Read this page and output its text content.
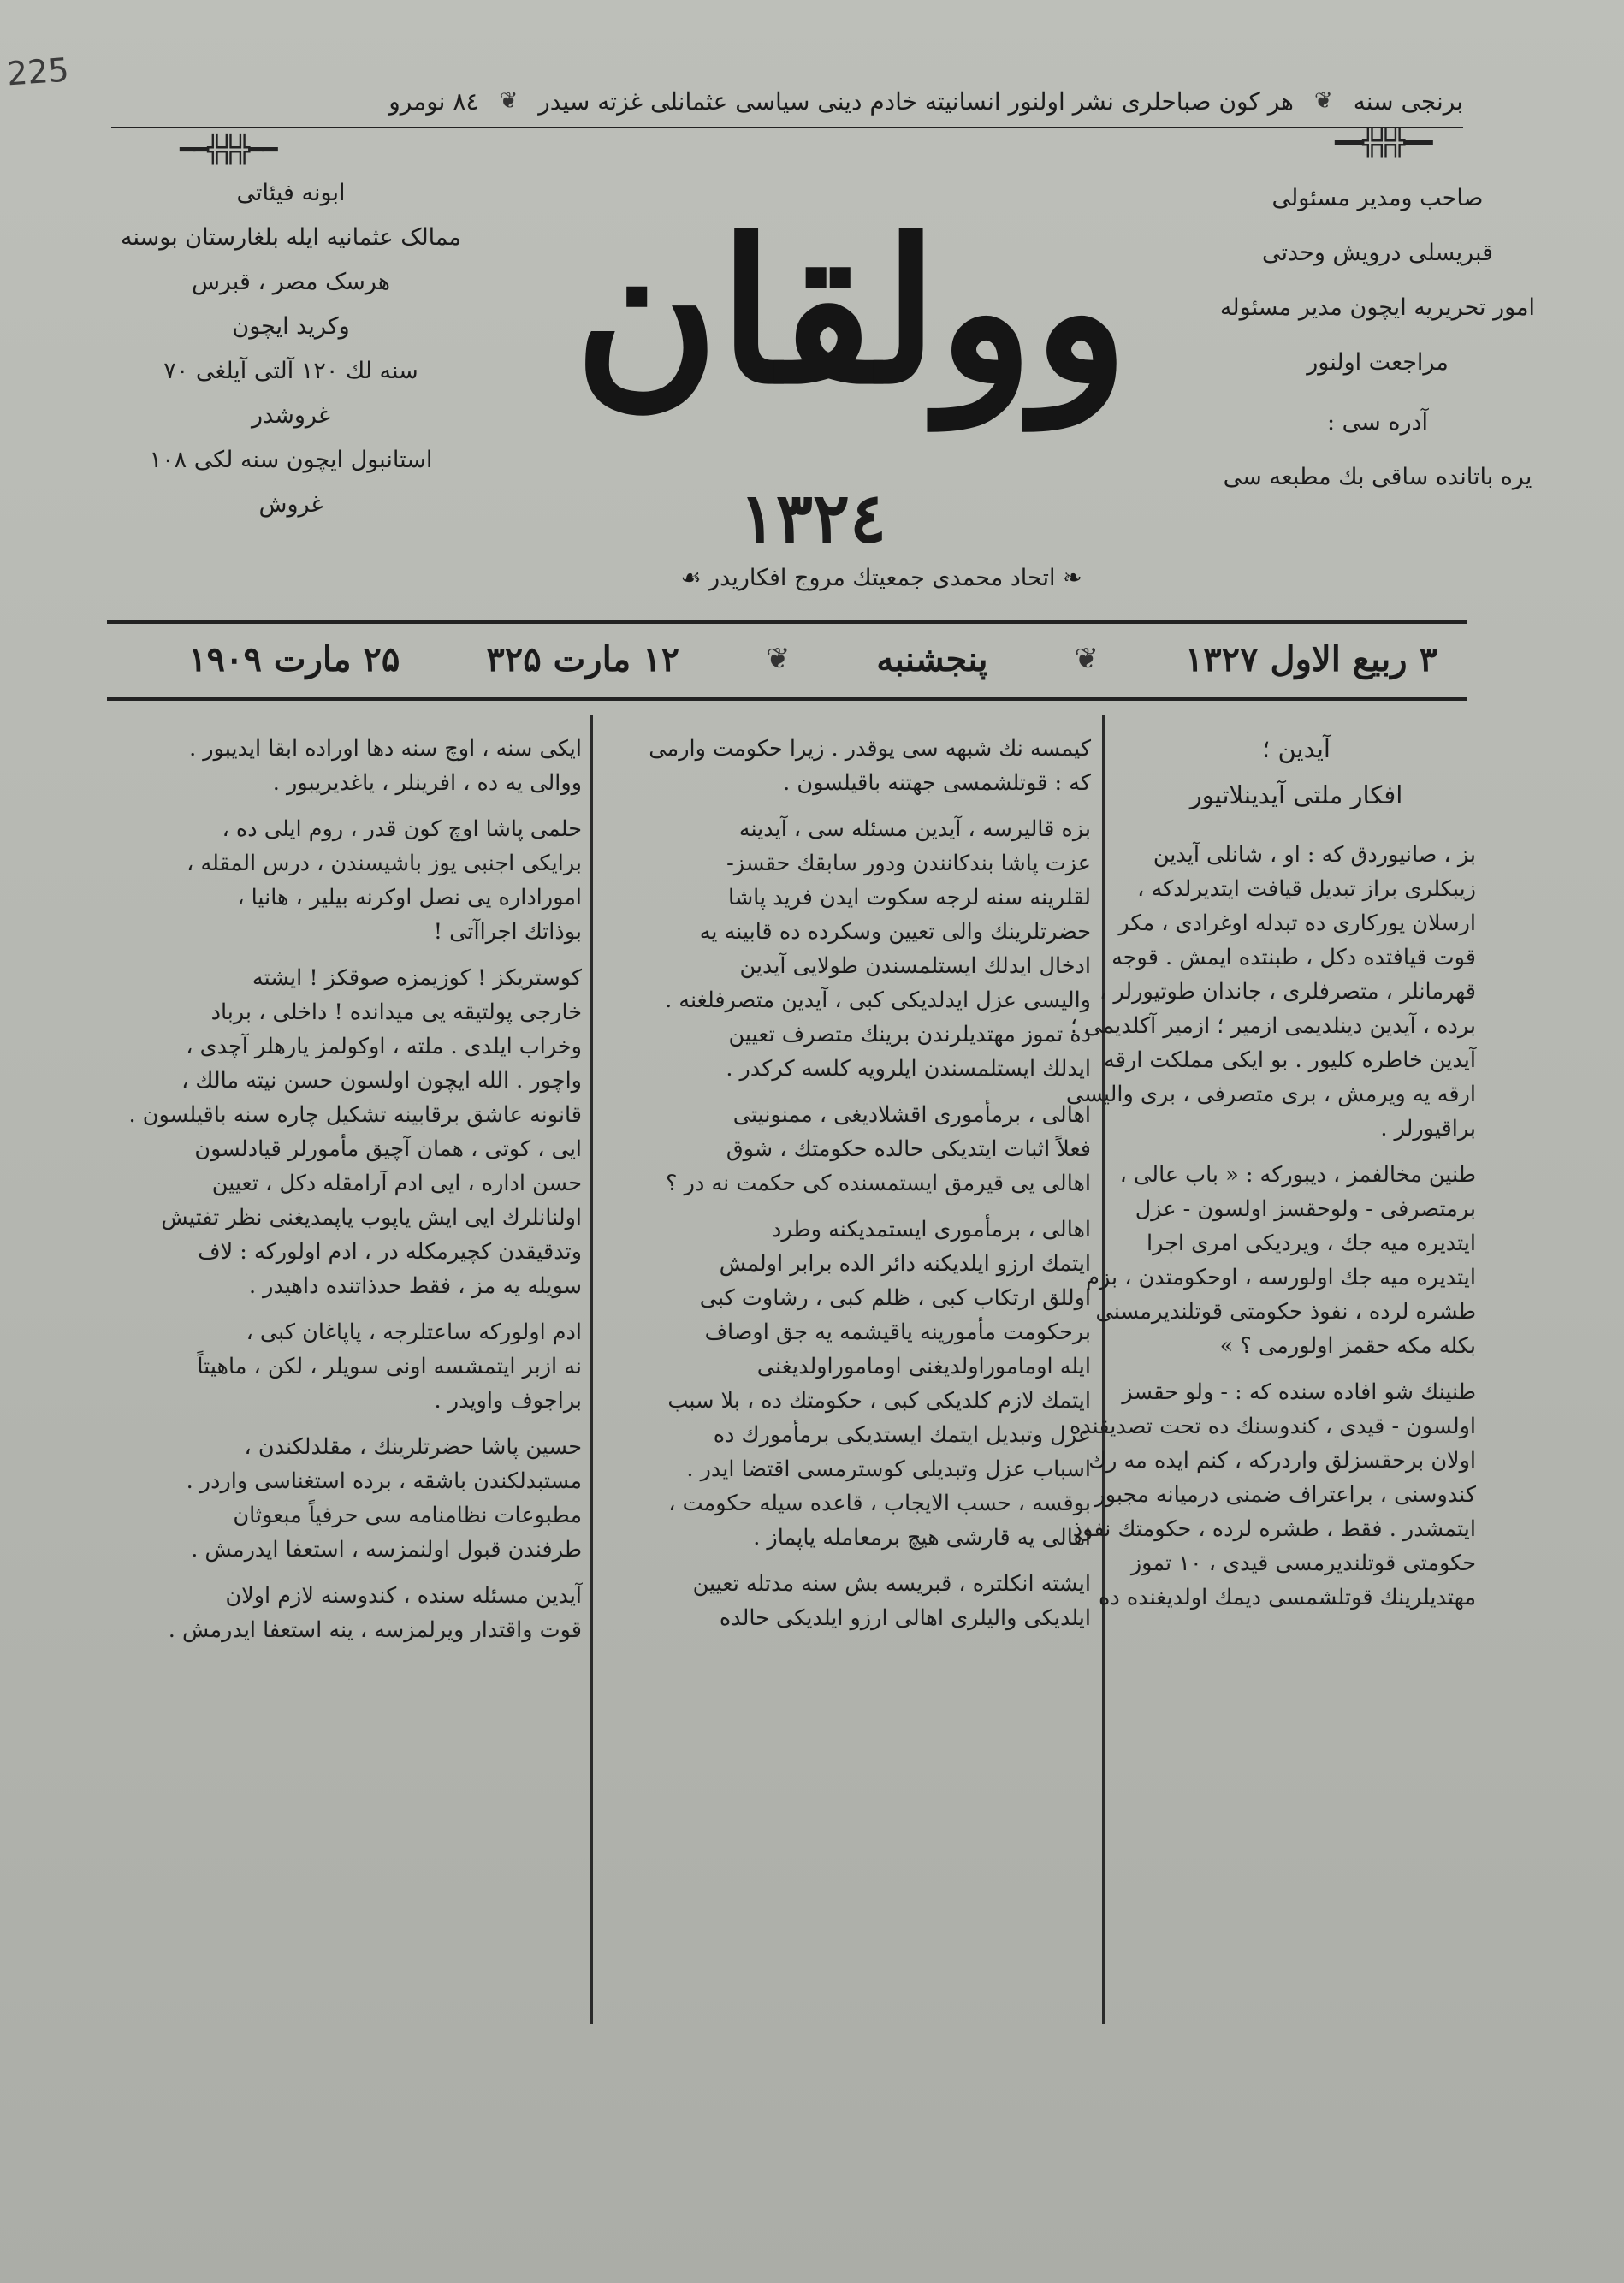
225
برنجی سنه
❦
هر کون صباحلری نشر اولنور انسانیته خادم دینی سیاسی عثمانلی غزته سیدر
❦
۸٤ نومرو
━━╬╬╬━━	━━╬╬╬━━
ابونه فیئاتی
ممالک عثمانیه ایله بلغارستان بوسنه
هرسک مصر ، قبرس
وکرید ایچون
سنه لك ۱۲۰ آلتی آیلغی ۷۰
غروشدر
استانبول ایچون سنه لکی ۱۰۸
غروش
صاحب ومدیر مسئولی
قبریسلی درویش وحدتی
امور تحریریه ایچون مدیر مسئوله
مراجعت اولنور
آدره سی :
یره باتانده ساقی بك مطبعه سی
وولقان
۱۳۲٤
❧ اتحاد محمدی جمعیتك مروج افکاریدر ☙
۳ ربیع الاول ۱۳۲۷
❦
پنجشنبه
❦
۱۲ مارت ۳۲۵
۲۵ مارت ۱۹۰۹

آیدین ؛

افکار ملتی آیدینلاتیور

بز ، صانیوردق که : او ، شانلی آیدین

زیبکلری براز تبدیل قیافت ایتدیرلدکه ،

ارسلان یورکاری ده تبدله اوغرادی ، مکر

قوت قیافتده دکل ، طبنتده ایمش . قوجه

قهرمانلر ، متصرفلری ، جاندان طوتیورلر ،

برده ، آیدین دینلدیمی ازمیر ؛ ازمیر آکلدیمی ؛

آیدین خاطره کلیور . بو ایکی مملکت ارقه

ارقه یه ویرمش ، بری متصرفی ، بری والیسی

براقیورلر .

طنین مخالفمز ، دیبورکه : « باب عالی ،

برمتصرفی - ولوحقسز اولسون - عزل

ایتدیره میه جك ، ویردیکی امری اجرا

ایتدیره میه جك اولورسه ، اوحکومتدن ، بزم

طشره لرده ، نفوذ حکومتی قوتلندیرمسنی

بکله مکه حقمز اولورمی ؟ »

طنینك شو افاده سنده که : - ولو حقسز

اولسون - قیدی ، کندوسنك ده تحت تصدیقنده

اولان برحقسزلق واردرکه ، کنم ایده مه رك

کندوسنی ، براعتراف ضمنی درمیانه مجبور

ایتمشدر . فقط ، طشره لرده ، حکومتك نفوذ

حکومتی قوتلندیرمسی قیدی ، ۱۰ تموز

مهتدیلرینك قوتلشمسی دیمك اولدیغنده ده

کیمسه نك شبهه سی یوقدر . زیرا حکومت وارمی

که : قوتلشمسی جهتنه باقیلسون .

بزه قالیرسه ، آیدین مسئله سی ، آیدینه

عزت پاشا بندکانندن ودور سابقك حقسز-

لقلرینه سنه لرجه سکوت ایدن فرید پاشا

حضرتلرینك والی تعیین وسکرده ده قابینه یه

ادخال ایدلك ایستلمسندن طولایی آیدین

والیسی عزل ایدلدیکی کبی ، آیدین متصرفلغنه .

ده تموز مهتدیلرندن برینك متصرف تعیین

ایدلك ایستلمسندن ایلرویه کلسه کرکدر .

اهالی ، برمأموری اقشلادیغی ، ممنونیتی

فعلاً اثبات ایتدیکی حالده حکومتك ، شوق

اهالی یی قیرمق ایستمسنده کی حکمت نه در ؟

اهالی ، برمأموری ایستمدیکنه وطرد

ایتمك ارزو ایلدیکنه دائر الده برابر اولمش

اوللق ارتکاب کبی ، ظلم کبی ، رشاوت کبی

برحکومت مأمورینه یاقیشمه یه جق اوصاف

ایله اوماموراولدیغنی اوماموراولدیغنی

ایتمك لازم کلدیکی کبی ، حکومتك ده ، بلا سبب

عزل وتبدیل ایتمك ایستدیکی برمأمورك ده

اسباب عزل وتبدیلی کوسترمسی اقتضا ایدر .

بوقسه ، حسب الایجاب ، قاعده سیله حکومت ،

اهالی یه قارشی هیچ برمعامله یاپماز .

ایشته انکلتره ، قبریسه بش سنه مدتله تعیین

ایلدیکی والیلری اهالی ارزو ایلدیکی حالده

ایکی سنه ، اوچ سنه دها اوراده ابقا ایدیبور .

ووالی یه ده ، افرینلر ، یاغدیریبور .

حلمی پاشا اوچ کون قدر ، روم ایلی ده ،

برایکی اجنبی یوز باشیسندن ، درس المقله ،

اموراداره یی نصل اوکرنه بیلیر ، هانیا ،

بوذاتك اجراآتی !

کوستریکز ! کوزیمزه صوقکز ! ایشته

خارجی پولتیقه یی میدانده ! داخلی ، برباد

وخراب ایلدی . ملته ، اوکولمز یارهلر آچدی ،

واچور . الله ایچون اولسون حسن نیته مالك ،

قانونه عاشق برقابینه تشکیل چاره سنه باقیلسون .

ایی ، کوتی ، همان آچیق مأمورلر قیادلسون

حسن اداره ، ایی ادم آرامقله دکل ، تعیین

اولنانلرك ایی ایش یاپوب یاپمدیغنی نظر تفتیش

وتدقیقدن کچیرمکله در ، ادم اولورکه : لاف

سویله یه مز ، فقط حدذاتنده داهیدر .

ادم اولورکه ساعتلرجه ، پاپاغان کبی ،

نه ازبر ایتمشسه اونی سویلر ، لکن ، ماهیتاً

براجوف واویدر .

حسین پاشا حضرتلرینك ، مقلدلکندن ،

مستبدلکندن باشقه ، برده استغناسی واردر .

مطبوعات نظامنامه سی حرفیاً مبعوثان

طرفندن قبول اولنمزسه ، استعفا ایدرمش .

آیدین مسئله سنده ، کندوسنه لازم اولان

قوت واقتدار ویرلمزسه ، ینه استعفا ایدرمش .
